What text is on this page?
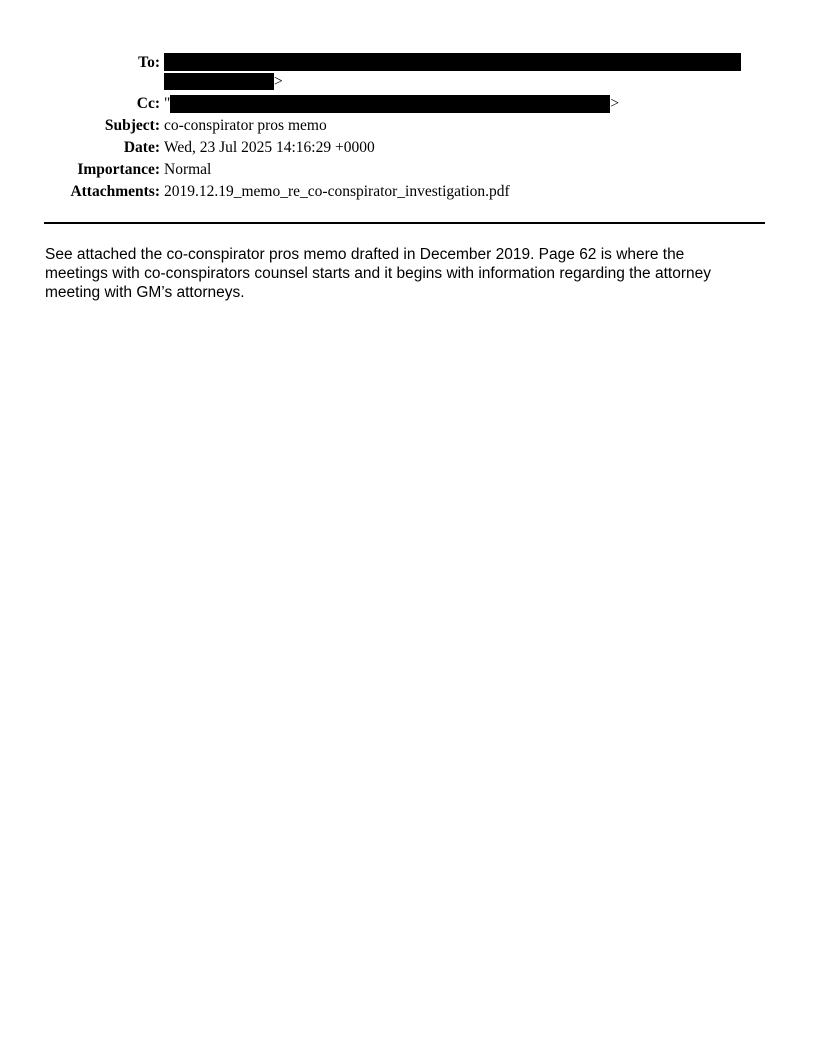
To:
>
Cc: "	>
Subject: co-conspirator pros memo
Date: Wed, 23 Jul 2025 14:16:29 +0000
Importance: Normal
Attachments: 2019.12.19_memo_re_co-conspirator_investigation.pdf
See attached the co-conspirator pros memo drafted in December 2019. Page 62 is where the
meetings with co-conspirators counsel starts and it begins with information regarding the attorney
meeting with GM’s attorneys.
